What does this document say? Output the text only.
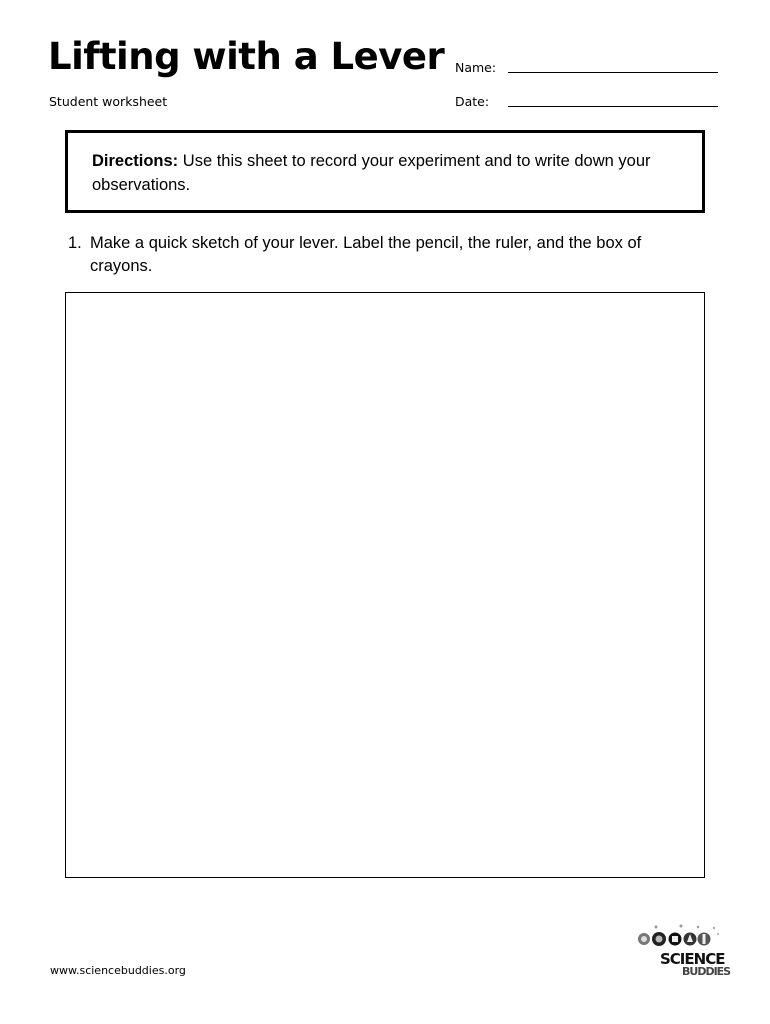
Lifting with a Lever
Student worksheet
Name:
Date:
Directions: Use this sheet to record your experiment and to write down your observations.
1. Make a quick sketch of your lever. Label the pencil, the ruler, and the box of crayons.
www.sciencebuddies.org
SCIENCE
BUDDIES
